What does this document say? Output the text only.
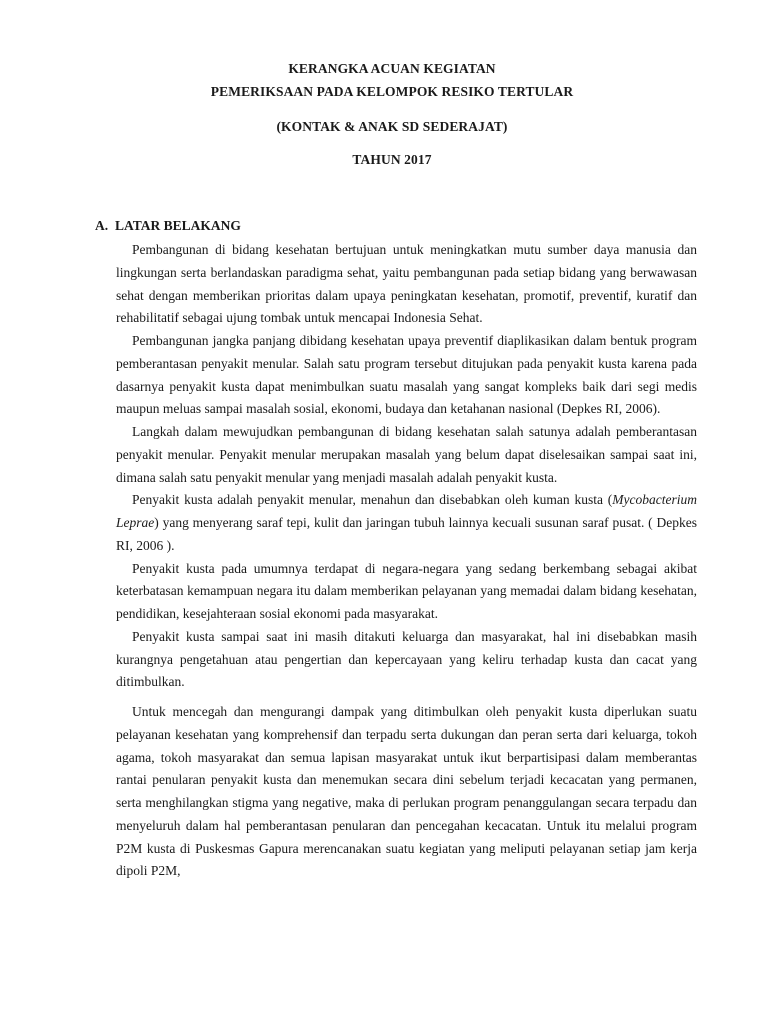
KERANGKA ACUAN KEGIATAN
PEMERIKSAAN PADA KELOMPOK RESIKO TERTULAR
(KONTAK & ANAK SD SEDERAJAT)
TAHUN 2017
A. LATAR BELAKANG

Pembangunan di bidang kesehatan bertujuan untuk meningkatkan mutu sumber daya manusia dan lingkungan serta berlandaskan paradigma sehat, yaitu pembangunan pada setiap bidang yang berwawasan sehat dengan memberikan prioritas dalam upaya peningkatan kesehatan, promotif, preventif, kuratif dan rehabilitatif sebagai ujung tombak untuk mencapai Indonesia Sehat.

Pembangunan jangka panjang dibidang kesehatan upaya preventif diaplikasikan dalam bentuk program pemberantasan penyakit menular. Salah satu program tersebut ditujukan pada penyakit kusta karena pada dasarnya penyakit kusta dapat menimbulkan suatu masalah yang sangat kompleks baik dari segi medis maupun meluas sampai masalah sosial, ekonomi, budaya dan ketahanan nasional (Depkes RI, 2006).

Langkah dalam mewujudkan pembangunan di bidang kesehatan salah satunya adalah pemberantasan penyakit menular. Penyakit menular merupakan masalah yang belum dapat diselesaikan sampai saat ini, dimana salah satu penyakit menular yang menjadi masalah adalah penyakit kusta.

Penyakit kusta adalah penyakit menular, menahun dan disebabkan oleh kuman kusta (Mycobacterium Leprae) yang menyerang saraf tepi, kulit dan jaringan tubuh lainnya kecuali susunan saraf pusat. ( Depkes RI, 2006 ).

Penyakit kusta pada umumnya terdapat di negara-negara yang sedang berkembang sebagai akibat keterbatasan kemampuan negara itu dalam memberikan pelayanan yang memadai dalam bidang kesehatan, pendidikan, kesejahteraan sosial ekonomi pada masyarakat.

Penyakit kusta sampai saat ini masih ditakuti keluarga dan masyarakat, hal ini disebabkan masih kurangnya pengetahuan atau pengertian dan kepercayaan yang keliru terhadap kusta dan cacat yang ditimbulkan.

Untuk mencegah dan mengurangi dampak yang ditimbulkan oleh penyakit kusta diperlukan suatu pelayanan kesehatan yang komprehensif dan terpadu serta dukungan dan peran serta dari keluarga, tokoh agama, tokoh masyarakat dan semua lapisan masyarakat untuk ikut berpartisipasi dalam memberantas rantai penularan penyakit kusta dan menemukan secara dini sebelum terjadi kecacatan yang permanen, serta menghilangkan stigma yang negative, maka di perlukan program penanggulangan secara terpadu dan menyeluruh dalam hal pemberantasan penularan dan pencegahan kecacatan. Untuk itu melalui program P2M kusta di Puskesmas Gapura merencanakan suatu kegiatan yang meliputi pelayanan setiap jam kerja dipoli P2M,
